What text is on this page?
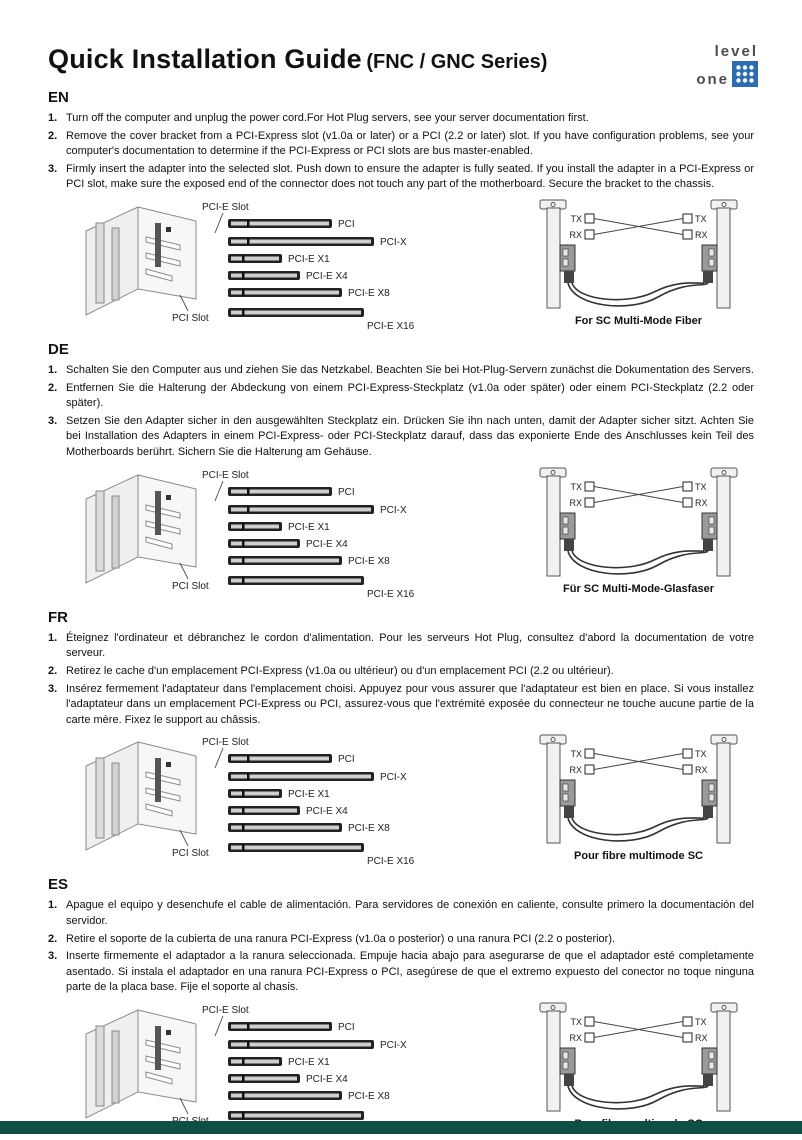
level
one
Quick Installation Guide (FNC / GNC Series)
EN
1. Turn off the computer and unplug the power cord.For Hot Plug servers, see your server documentation first.
2. Remove the cover bracket from a PCI-Express slot (v1.0a or later) or a PCI (2.2 or later) slot. If you have configuration problems, see your computer's documentation to determine if the PCI-Express or PCI slots are bus master-enabled.
3. Firmly insert the adapter into the selected slot. Push down to ensure the adapter is fully seated. If you install the adapter in a PCI-Express or PCI slot, make sure the exposed end of the connector does not touch any part of the motherboard. Secure the bracket to the chassis.
PCI-E Slot
PCI
PCI-X
PCI-E X1
PCI-E X4
PCI-E X8
PCI-E X16
PCI Slot
TX
RX
TX
RX
For SC Multi-Mode Fiber
DE
1. Schalten Sie den Computer aus und ziehen Sie das Netzkabel. Beachten Sie bei Hot-Plug-Servern zunächst die Dokumentation des Servers.
2. Entfernen Sie die Halterung der Abdeckung von einem PCI-Express-Steckplatz (v1.0a oder später) oder einem PCI-Steckplatz (2.2 oder später).
3. Setzen Sie den Adapter sicher in den ausgewählten Steckplatz ein. Drücken Sie ihn nach unten, damit der Adapter sicher sitzt. Achten Sie bei Installation des Adapters in einem PCI-Express- oder PCI-Steckplatz darauf, dass das exponierte Ende des Anschlusses kein Teil des Motherboards berührt. Sichern Sie die Halterung am Gehäuse.
PCI-E Slot
PCI
PCI-X
PCI-E X1
PCI-E X4
PCI-E X8
PCI-E X16
PCI Slot
TX
RX
TX
RX
Für SC Multi-Mode-Glasfaser
FR
1. Éteignez l'ordinateur et débranchez le cordon d'alimentation. Pour les serveurs Hot Plug, consultez d'abord la documentation de votre serveur.
2. Retirez le cache d'un emplacement PCI-Express (v1.0a ou ultérieur) ou d'un emplacement PCI (2.2 ou ultérieur).
3. Insérez fermement l'adaptateur dans l'emplacement choisi. Appuyez pour vous assurer que l'adaptateur est bien en place. Si vous installez l'adaptateur dans un emplacement PCI-Express ou PCI, assurez-vous que l'extrémité exposée du connecteur ne touche aucune partie de la carte mère. Fixez le support au châssis.
PCI-E Slot
PCI
PCI-X
PCI-E X1
PCI-E X4
PCI-E X8
PCI-E X16
PCI Slot
TX
RX
TX
RX
Pour fibre multimode SC
ES
1. Apague el equipo y desenchufe el cable de alimentación. Para servidores de conexión en caliente, consulte primero la documentación del servidor.
2. Retire el soporte de la cubierta de una ranura PCI-Express (v1.0a o posterior) o una ranura PCI (2.2 o posterior).
3. Inserte firmemente el adaptador a la ranura seleccionada. Empuje hacia abajo para asegurarse de que el adaptador esté completamente asentado. Si instala el adaptador en una ranura PCI-Express o PCI, asegúrese de que el extremo expuesto del conector no toque ninguna parte de la placa base. Fije el soporte al chasis.
PCI-E Slot
PCI
PCI-X
PCI-E X1
PCI-E X4
PCI-E X8
TX
RX
TX
RX
